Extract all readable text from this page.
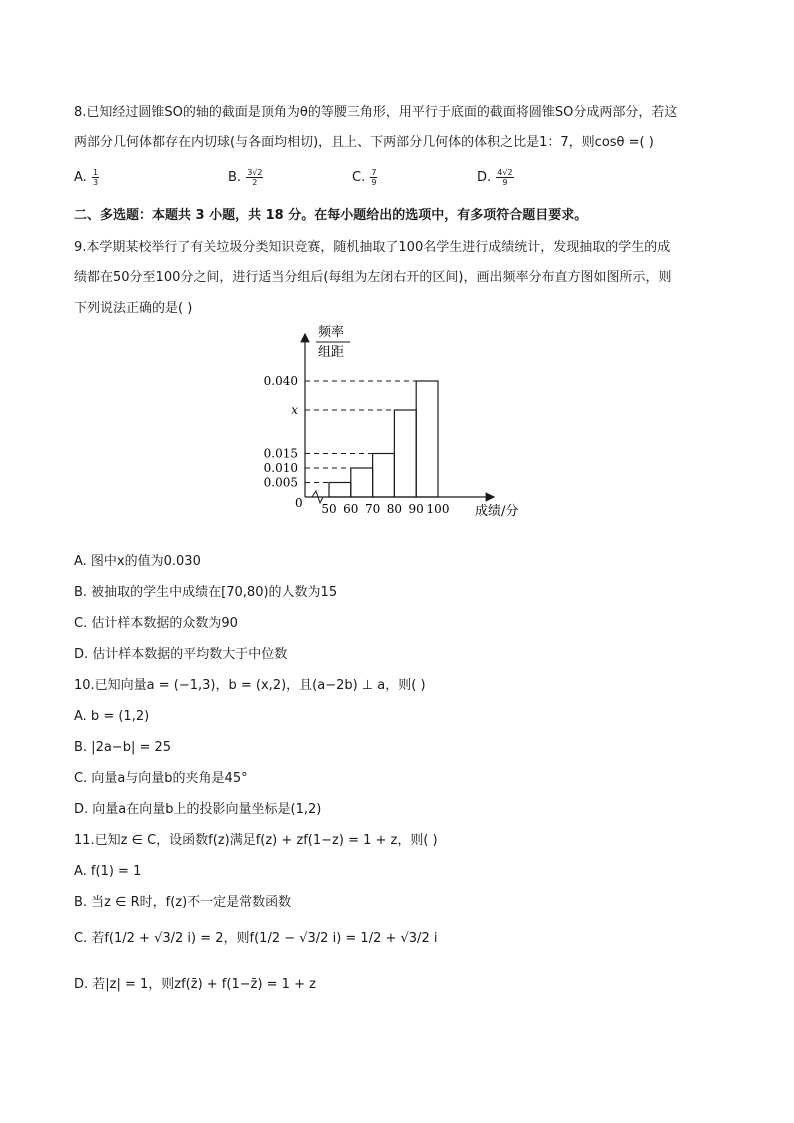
8.已知经过圆锥SO的轴的截面是顶角为θ的等腰三角形，用平行于底面的截面将圆锥SO分成两部分，若这
两部分几何体都存在内切球(与各面均相切)，且上、下两部分几何体的体积之比是1：7，则cosθ =( )
A. $\frac{1}{3}$	B. $\frac{3√2}{2}$	C. $\frac{7}{9}$	D. $\frac{4√2}{9}$
二、多选题：本题共 3 小题，共 18 分。在每小题给出的选项中，有多项符合题目要求。
9.本学期某校举行了有关垃圾分类知识竞赛，随机抽取了100名学生进行成绩统计，发现抽取的学生的成
绩都在50分至100分之间，进行适当分组后(每组为左闭右开的区间)，画出频率分布直方图如图所示，则
下列说法正确的是( )
0.040
x
0.015
0.010
0.005
50 60 70 80 90 100
频率
组距
成绩/分
0
A. 图中x的值为0.030
B. 被抽取的学生中成绩在[70,80)的人数为15
C. 估计样本数据的众数为90
D. 估计样本数据的平均数大于中位数
10.已知向量a = (−1,3)，b = (x,2)，且(a−2b) ⊥ a，则( )
A. b = (1,2)
B. |2a−b| = 25
C. 向量a与向量b的夹角是45°
D. 向量a在向量b上的投影向量坐标是(1,2)
11.已知z ∈ C，设函数f(z)满足f(z) + zf(1−z) = 1 + z，则( )
A. f(1) = 1
B. 当z ∈ R时，f(z)不一定是常数函数
C. 若f(1/2 + √3/2 i) = 2，则f(1/2 − √3/2 i) = 1/2 + √3/2 i
D. 若|z| = 1，则zf(z̄) + f(1−z̄) = 1 + z
